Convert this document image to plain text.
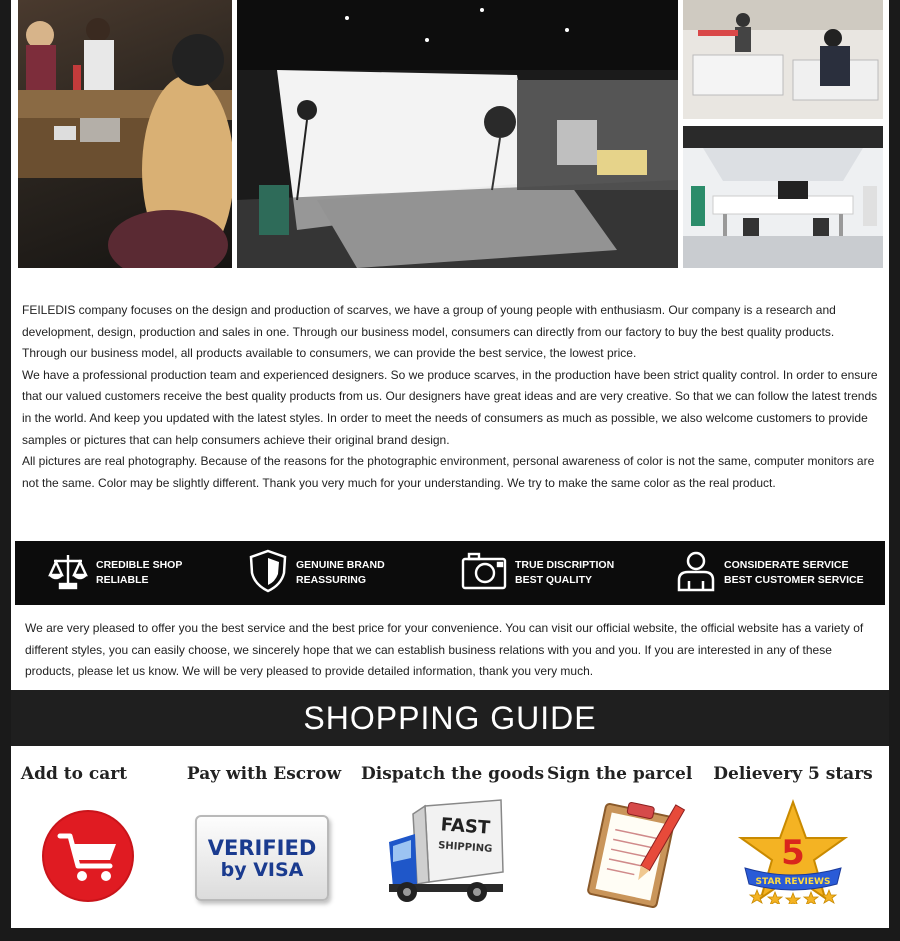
FEILEDIS company focuses on the design and production of scarves, we have a group of young people with enthusiasm. Our company is a research and development, design, production and sales in one. Through our business model, consumers can directly from our factory to buy the best quality products. Through our business model, all products available to consumers, we can provide the best service, the lowest price.
We have a professional production team and experienced designers. So we produce scarves, in the production have been strict quality control. In order to ensure that our valued customers receive the best quality products from us. Our designers have great ideas and are very creative. So that we can follow the latest trends in the world. And keep you updated with the latest styles. In order to meet the needs of consumers as much as possible, we also welcome customers to provide samples or pictures that can help consumers achieve their original brand design.
All pictures are real photography. Because of the reasons for the photographic environment, personal awareness of color is not the same, computer monitors are not the same. Color may be slightly different. Thank you very much for your understanding. We try to make the same color as the real product.

CREDIBLE SHOP
RELIABLE
GENUINE BRAND
REASSURING
TRUE DISCRIPTION
BEST QUALITY
CONSIDERATE SERVICE
BEST CUSTOMER SERVICE

We are very pleased to offer you the best service and the best price for your convenience. You can visit our official website, the official website has a variety of different styles, you can easily choose, we sincerely hope that we can establish business relations with you and you. If you are interested in any of these products, please let us know. We will be very pleased to provide detailed information, thank you very much.

SHOPPING GUIDE
Add to cart	Pay with Escrow
VERIFIED
by VISA
Dispatch the goods
FAST
SHIPPING
Sign the parcel Delievery 5 stars
5
STAR REVIEWS
